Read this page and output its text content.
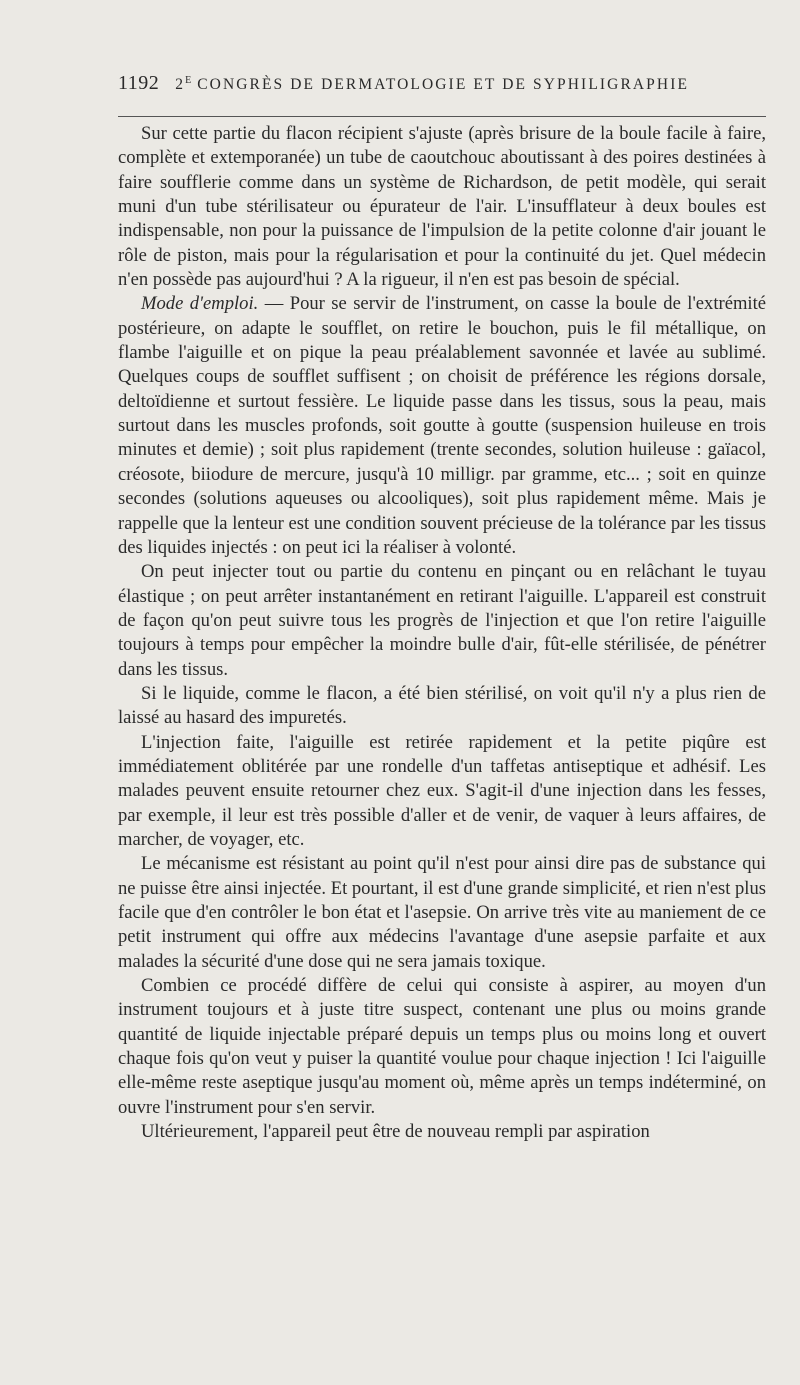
1192 $2^E$ CONGRÈS DE DERMATOLOGIE ET DE SYPHILIGRAPHIE

Sur cette partie du flacon récipient s'ajuste (après brisure de la boule facile à faire, complète et extemporanée) un tube de caoutchouc aboutissant à des poires destinées à faire soufflerie comme dans un système de Richardson, de petit modèle, qui serait muni d'un tube stérilisateur ou épurateur de l'air. L'insufflateur à deux boules est indispensable, non pour la puissance de l'impulsion de la petite colonne d'air jouant le rôle de piston, mais pour la régularisation et pour la continuité du jet. Quel médecin n'en possède pas aujourd'hui ? A la rigueur, il n'en est pas besoin de spécial.

Mode d'emploi. — Pour se servir de l'instrument, on casse la boule de l'extrémité postérieure, on adapte le soufflet, on retire le bouchon, puis le fil métallique, on flambe l'aiguille et on pique la peau préalablement savonnée et lavée au sublimé. Quelques coups de soufflet suffisent ; on choisit de préférence les régions dorsale, deltoïdienne et surtout fessière. Le liquide passe dans les tissus, sous la peau, mais surtout dans les muscles profonds, soit goutte à goutte (suspension huileuse en trois minutes et demie) ; soit plus rapidement (trente secondes, solution huileuse : gaïacol, créosote, biiodure de mercure, jusqu'à 10 milligr. par gramme, etc... ; soit en quinze secondes (solutions aqueuses ou alcooliques), soit plus rapidement même. Mais je rappelle que la lenteur est une condition souvent précieuse de la tolérance par les tissus des liquides injectés : on peut ici la réaliser à volonté.

On peut injecter tout ou partie du contenu en pinçant ou en relâchant le tuyau élastique ; on peut arrêter instantanément en retirant l'aiguille. L'appareil est construit de façon qu'on peut suivre tous les progrès de l'injection et que l'on retire l'aiguille toujours à temps pour empêcher la moindre bulle d'air, fût-elle stérilisée, de pénétrer dans les tissus.

Si le liquide, comme le flacon, a été bien stérilisé, on voit qu'il n'y a plus rien de laissé au hasard des impuretés.

L'injection faite, l'aiguille est retirée rapidement et la petite piqûre est immédiatement oblitérée par une rondelle d'un taffetas antiseptique et adhésif. Les malades peuvent ensuite retourner chez eux. S'agit-il d'une injection dans les fesses, par exemple, il leur est très possible d'aller et de venir, de vaquer à leurs affaires, de marcher, de voyager, etc.

Le mécanisme est résistant au point qu'il n'est pour ainsi dire pas de substance qui ne puisse être ainsi injectée. Et pourtant, il est d'une grande simplicité, et rien n'est plus facile que d'en contrôler le bon état et l'asepsie. On arrive très vite au maniement de ce petit instrument qui offre aux médecins l'avantage d'une asepsie parfaite et aux malades la sécurité d'une dose qui ne sera jamais toxique.

Combien ce procédé diffère de celui qui consiste à aspirer, au moyen d'un instrument toujours et à juste titre suspect, contenant une plus ou moins grande quantité de liquide injectable préparé depuis un temps plus ou moins long et ouvert chaque fois qu'on veut y puiser la quantité voulue pour chaque injection ! Ici l'aiguille elle-même reste aseptique jusqu'au moment où, même après un temps indéterminé, on ouvre l'instrument pour s'en servir.

Ultérieurement, l'appareil peut être de nouveau rempli par aspiration
